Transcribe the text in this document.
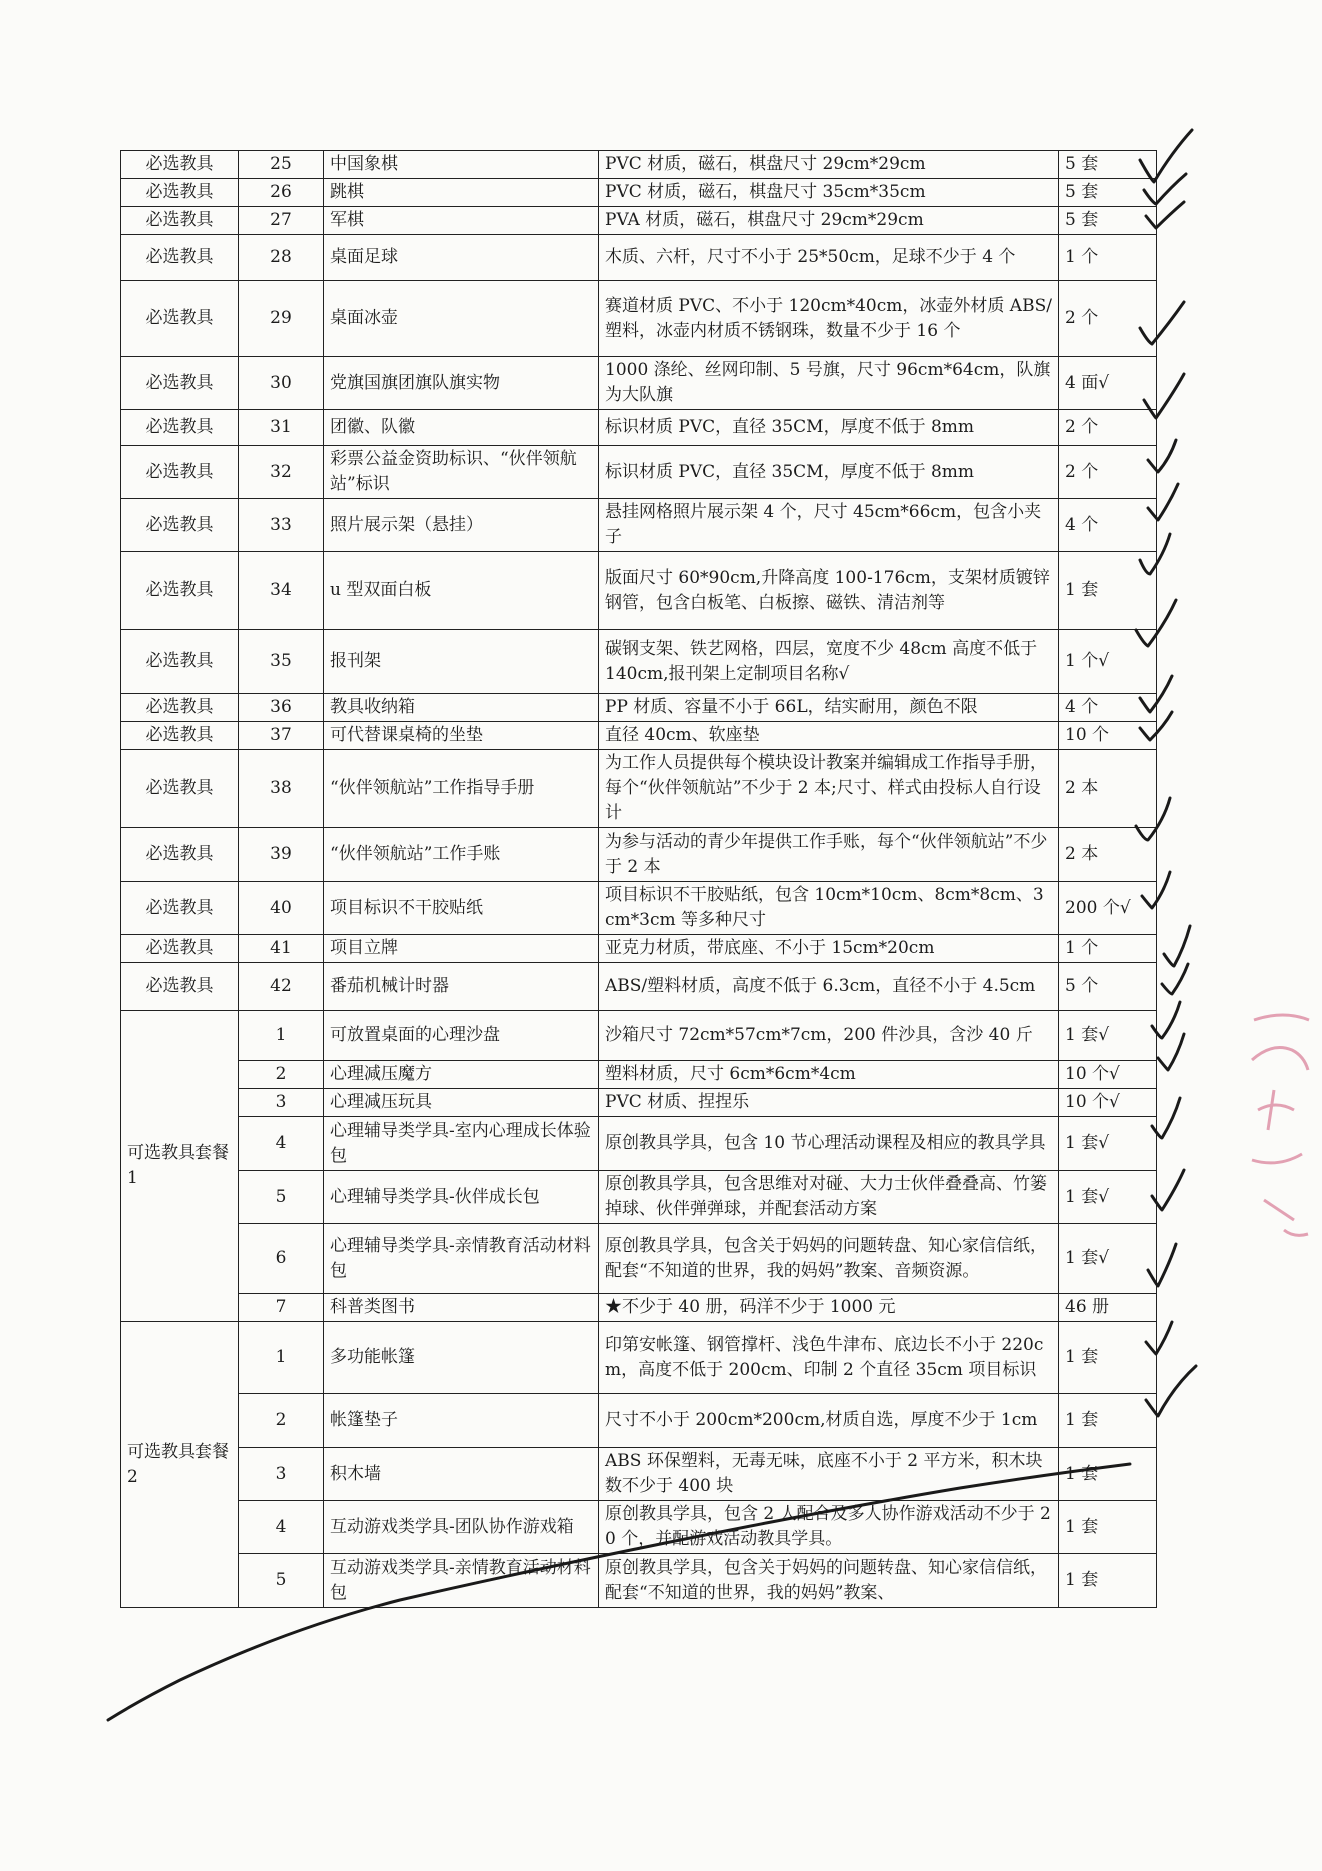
必选教具	25	中国象棋	PVC 材质，磁石，棋盘尺寸 29cm*29cm	5 套
必选教具	26	跳棋	PVC 材质，磁石，棋盘尺寸 35cm*35cm	5 套
必选教具	27	军棋	PVA 材质，磁石，棋盘尺寸 29cm*29cm	5 套
必选教具	28	桌面足球	木质、六杆，尺寸不小于 25*50cm，足球不少于 4 个	1 个
必选教具	29	桌面冰壶	赛道材质 PVC、不小于 120cm*40cm，冰壶外材质 ABS/塑料，冰壶内材质不锈钢珠，数量不少于 16 个	2 个
必选教具	30	党旗国旗团旗队旗实物	1000 涤纶、丝网印制、5 号旗，尺寸 96cm*64cm，队旗为大队旗	4 面√
必选教具	31	团徽、队徽	标识材质 PVC，直径 35CM，厚度不低于 8mm	2 个
必选教具	32	彩票公益金资助标识、“伙伴领航站”标识	标识材质 PVC，直径 35CM，厚度不低于 8mm	2 个
必选教具	33	照片展示架（悬挂）	悬挂网格照片展示架 4 个，尺寸 45cm*66cm，包含小夹子	4 个
必选教具	34	u 型双面白板	版面尺寸 60*90cm,升降高度 100-176cm，支架材质镀锌钢管，包含白板笔、白板擦、磁铁、清洁剂等	1 套
必选教具	35	报刊架	碳钢支架、铁艺网格，四层，宽度不少 48cm 高度不低于 140cm,报刊架上定制项目名称√	1 个√
必选教具	36	教具收纳箱	PP 材质、容量不小于 66L，结实耐用，颜色不限	4 个
必选教具	37	可代替课桌椅的坐垫	直径 40cm、软座垫	10 个
必选教具	38	“伙伴领航站”工作指导手册	为工作人员提供每个模块设计教案并编辑成工作指导手册，每个“伙伴领航站”不少于 2 本;尺寸、样式由投标人自行设计	2 本
必选教具	39	“伙伴领航站”工作手账	为参与活动的青少年提供工作手账，每个“伙伴领航站”不少于 2 本	2 本
必选教具	40	项目标识不干胶贴纸	项目标识不干胶贴纸，包含 10cm*10cm、8cm*8cm、3cm*3cm 等多种尺寸	200 个√
必选教具	41	项目立牌	亚克力材质，带底座、不小于 15cm*20cm	1 个
必选教具	42	番茄机械计时器	ABS/塑料材质，高度不低于 6.3cm，直径不小于 4.5cm	5 个
可选教具套餐 1	1	可放置桌面的心理沙盘	沙箱尺寸 72cm*57cm*7cm，200 件沙具，含沙 40 斤	1 套√
	2	心理减压魔方	塑料材质，尺寸 6cm*6cm*4cm	10 个√
	3	心理减压玩具	PVC 材质、捏捏乐	10 个√
	4	心理辅导类学具-室内心理成长体验包	原创教具学具，包含 10 节心理活动课程及相应的教具学具	1 套√
	5	心理辅导类学具-伙伴成长包	原创教具学具，包含思维对对碰、大力士伙伴叠叠高、竹篓掉球、伙伴弹弹球，并配套活动方案	1 套√
	6	心理辅导类学具-亲情教育活动材料包	原创教具学具，包含关于妈妈的问题转盘、知心家信信纸，配套“不知道的世界，我的妈妈”教案、音频资源。	1 套√
	7	科普类图书	★不少于 40 册，码洋不少于 1000 元	46 册
可选教具套餐 2	1	多功能帐篷	印第安帐篷、钢管撑杆、浅色牛津布、底边长不小于 220cm，高度不低于 200cm、印制 2 个直径 35cm 项目标识	1 套
	2	帐篷垫子	尺寸不小于 200cm*200cm,材质自选，厚度不少于 1cm	1 套
	3	积木墙	ABS 环保塑料，无毒无味，底座不小于 2 平方米，积木块数不少于 400 块	1 套
	4	互动游戏类学具-团队协作游戏箱	原创教具学具，包含 2 人配合及多人协作游戏活动不少于 20 个，并配游戏活动教具学具。	1 套
	5	互动游戏类学具-亲情教育活动材料包	原创教具学具，包含关于妈妈的问题转盘、知心家信信纸，配套“不知道的世界，我的妈妈”教案、	1 套
